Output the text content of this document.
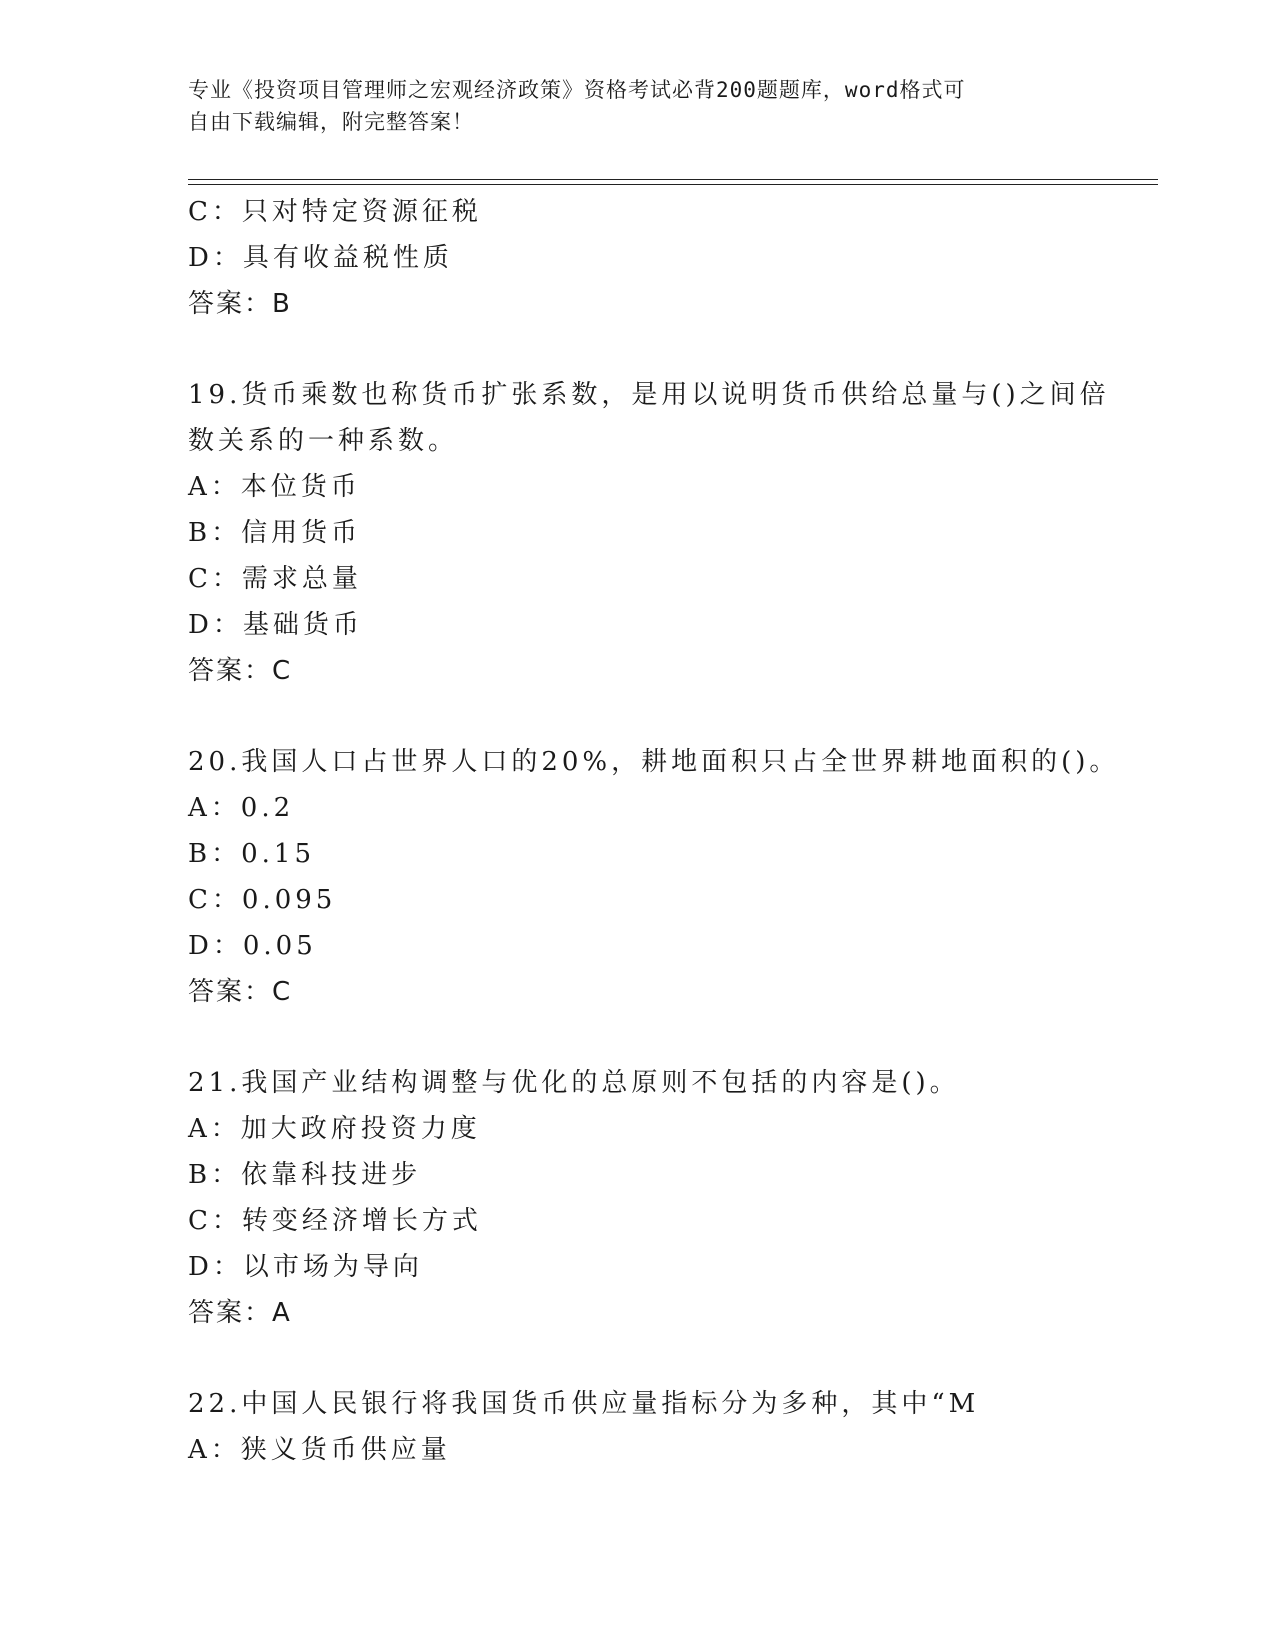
专业《投资项目管理师之宏观经济政策》资格考试必背200题题库，word格式可
自由下载编辑，附完整答案！
C：只对特定资源征税
D：具有收益税性质
答案：B
19.货币乘数也称货币扩张系数，是用以说明货币供给总量与()之间倍
数关系的一种系数。
A：本位货币
B：信用货币
C：需求总量
D：基础货币
答案：C
20.我国人口占世界人口的20%，耕地面积只占全世界耕地面积的()。
A：0.2
B：0.15
C：0.095
D：0.05
答案：C
21.我国产业结构调整与优化的总原则不包括的内容是()。
A：加大政府投资力度
B：依靠科技进步
C：转变经济增长方式
D：以市场为导向
答案：A
22.中国人民银行将我国货币供应量指标分为多种，其中“M
A：狭义货币供应量
